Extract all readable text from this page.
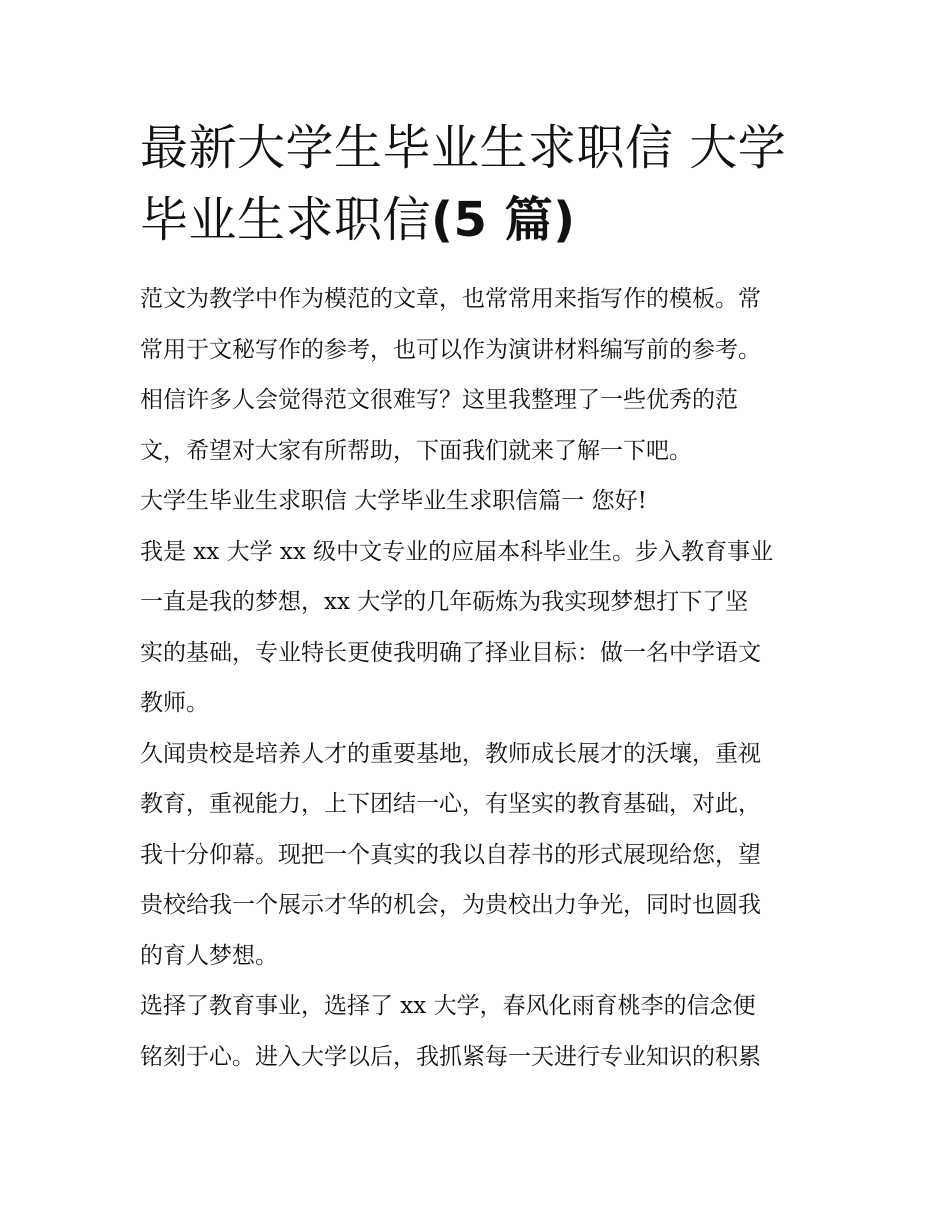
最新大学生毕业生求职信 大学
毕业生求职信(5 篇)

范文为教学中作为模范的文章，也常常用来指写作的模板。常
常用于文秘写作的参考，也可以作为演讲材料编写前的参考。
相信许多人会觉得范文很难写？这里我整理了一些优秀的范
文，希望对大家有所帮助，下面我们就来了解一下吧。

大学生毕业生求职信 大学毕业生求职信篇一 您好!

我是 xx 大学 xx 级中文专业的应届本科毕业生。步入教育事业
一直是我的梦想，xx 大学的几年砺炼为我实现梦想打下了坚
实的基础，专业特长更使我明确了择业目标：做一名中学语文
教师。

久闻贵校是培养人才的重要基地，教师成长展才的沃壤，重视
教育，重视能力，上下团结一心，有坚实的教育基础，对此，
我十分仰幕。现把一个真实的我以自荐书的形式展现给您，望
贵校给我一个展示才华的机会，为贵校出力争光，同时也圆我
的育人梦想。

选择了教育事业，选择了 xx 大学，春风化雨育桃李的信念便
铭刻于心。进入大学以后，我抓紧每一天进行专业知识的积累
